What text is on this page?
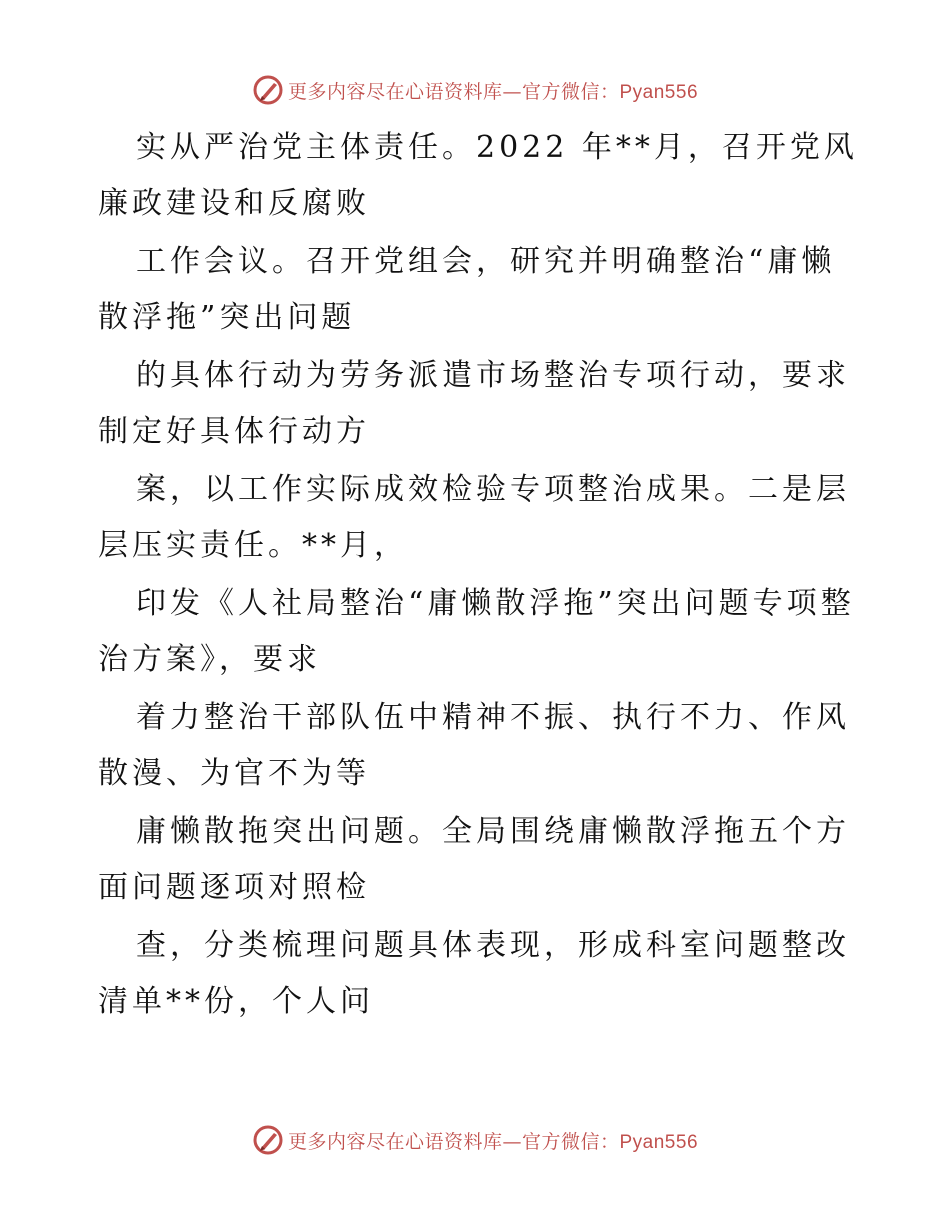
更多内容尽在心语资料库—官方微信：Pyan556

实从严治党主体责任。2022 年**月，召开党风廉政建设和反腐败

工作会议。召开党组会，研究并明确整治“庸懒散浮拖”突出问题

的具体行动为劳务派遣市场整治专项行动，要求制定好具体行动方

案，以工作实际成效检验专项整治成果。二是层层压实责任。**月，

印发《人社局整治“庸懒散浮拖”突出问题专项整治方案》，要求

着力整治干部队伍中精神不振、执行不力、作风散漫、为官不为等

庸懒散拖突出问题。全局围绕庸懒散浮拖五个方面问题逐项对照检

查，分类梳理问题具体表现，形成科室问题整改清单**份，个人问

更多内容尽在心语资料库—官方微信：Pyan556
